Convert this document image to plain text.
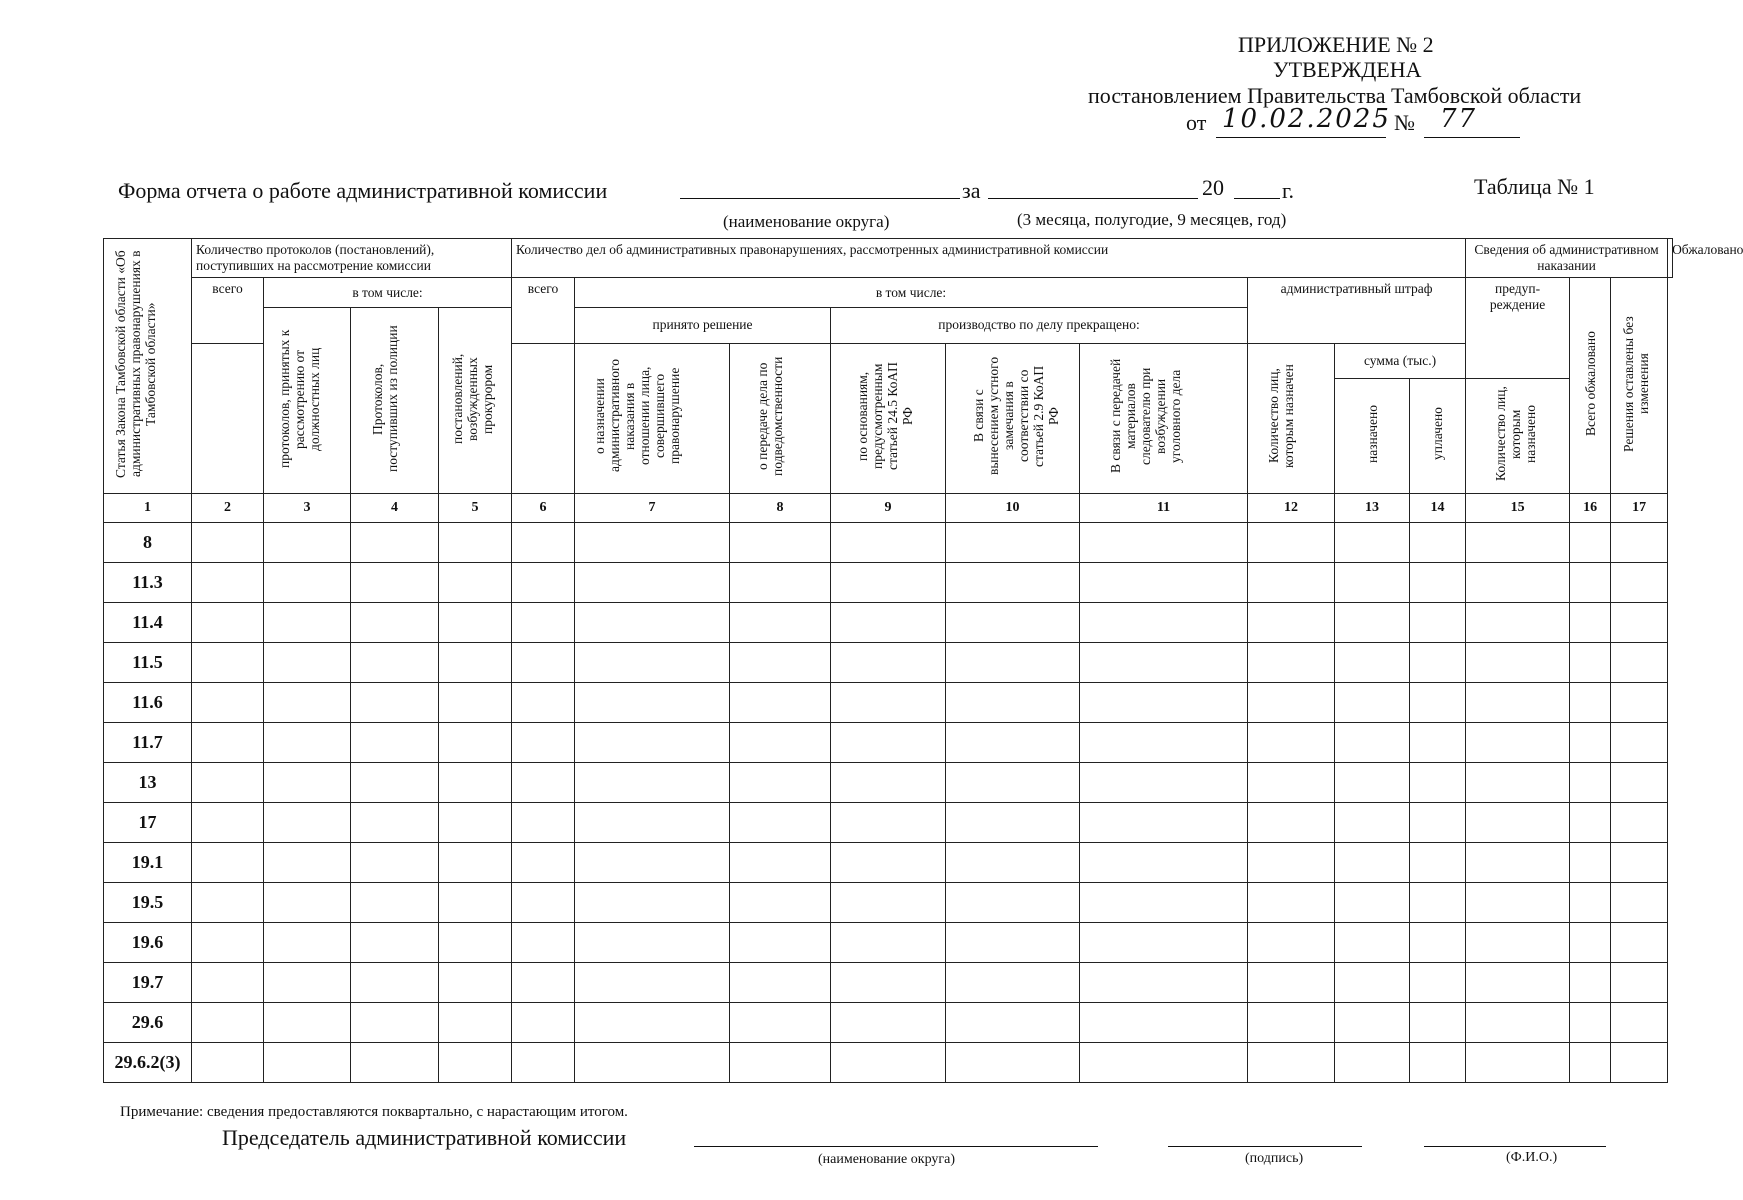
ПРИЛОЖЕНИЕ № 2
УТВЕРЖДЕНА
постановлением Правительства Тамбовской области
от 10.02.2025 № 77
Форма отчета о работе административной комиссии	за	20	г.	Таблица № 1
(наименование округа)	(3 месяца, полугодие, 9 месяцев, год)
Статья Закона Тамбовской области «Об административных правонарушениях в Тамбовской области»	Количество протоколов (постановлений), поступивших на рассмотрение комиссии				Количество дел об административных правонарушениях, рассмотренных административной комиссии									Сведения об административном наказании			Обжаловано
	всего	в том числе:			всего	в том числе:					административный штраф			предуп-реждение	Всего обжаловано	Решения оставлены без изменения	
		протоколов, принятых к рассмотрению от должностных лиц	Протоколов, поступивших из полиции	постановлений, возбужденных прокурором		принято решение		производство по делу прекращено:									
						о назначении административного наказания в отношении лица, совершившего правонарушение	о передаче дела по подведомственности	по основаниям, предусмотренным статьей 24.5 КоАП РФ	В связи с вынесением устного замечания в соответствии со статьей 2.9 КоАП РФ	В связи с передачей материалов следователю при возбуждении уголовного дела	Количество лиц, которым назначен	сумма (тыс.)					
												назначено	уплачено	Количество лиц, которым назначено			
1	2	3	4	5	6	7	8	9	10	11	12	13	14	15	16	17	
8																	
11.3																	
11.4																	
11.5																	
11.6																	
11.7																	
13																	
17																	
19.1																	
19.5																	
19.6																	
19.7																	
29.6																	
29.6.2(3)																	
Примечание: сведения предоставляются поквартально, с нарастающим итогом.
Председатель административной комиссии
(наименование округа)	(подпись)	(Ф.И.О.)
